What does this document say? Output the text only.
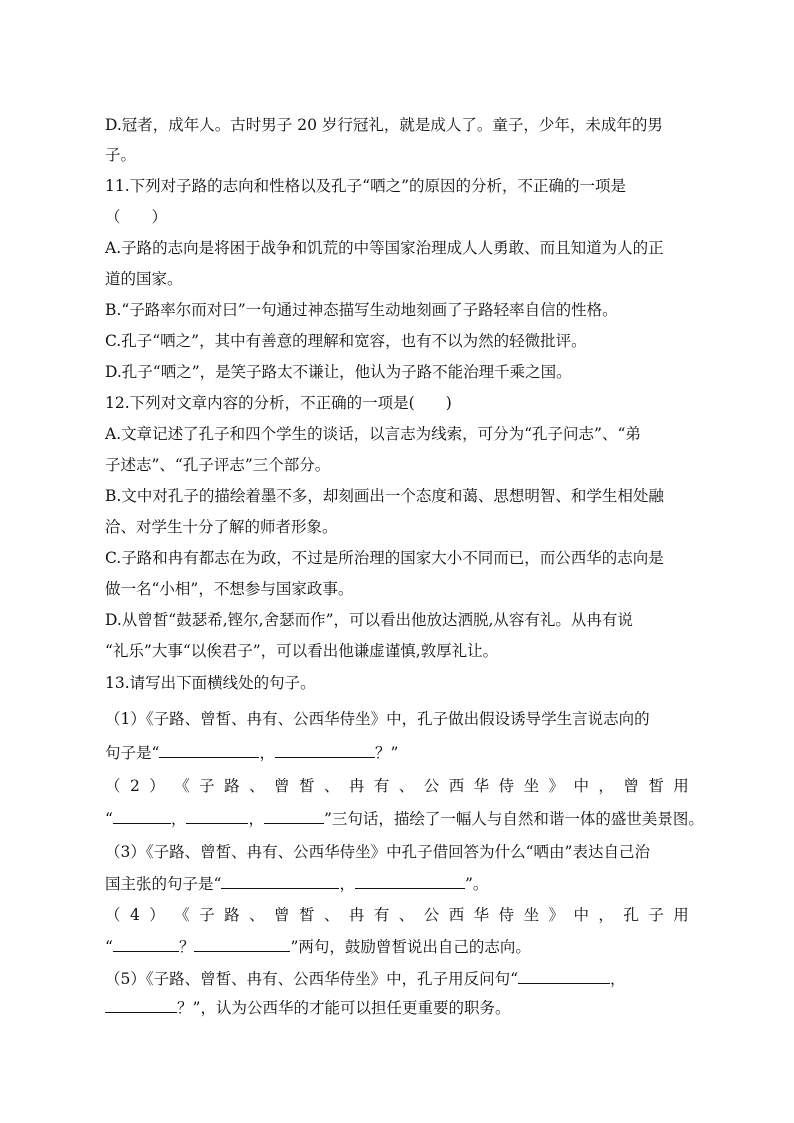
D.冠者，成年人。古时男子 20 岁行冠礼，就是成人了。童子，少年，未成年的男
子。
11.下列对子路的志向和性格以及孔子“哂之”的原因的分析，不正确的一项是
（　　）
A.子路的志向是将困于战争和饥荒的中等国家治理成人人勇敢、而且知道为人的正
道的国家。
B.“子路率尔而对曰”一句通过神态描写生动地刻画了子路轻率自信的性格。
C.孔子“哂之”，其中有善意的理解和宽容，也有不以为然的轻微批评。
D.孔子“哂之”，是笑子路太不谦让，他认为子路不能治理千乘之国。
12.下列对文章内容的分析，不正确的一项是(　　)
A.文章记述了孔子和四个学生的谈话，以言志为线索，可分为“孔子问志”、“弟
子述志”、“孔子评志”三个部分。
B.文中对孔子的描绘着墨不多，却刻画出一个态度和蔼、思想明智、和学生相处融
洽、对学生十分了解的师者形象。
C.子路和冉有都志在为政，不过是所治理的国家大小不同而已，而公西华的志向是
做一名“小相”，不想参与国家政事。
D.从曾皙“鼓瑟希,铿尔,舍瑟而作”，可以看出他放达洒脱,从容有礼。从冉有说
“礼乐”大事“以俟君子”，可以看出他谦虚谨慎,敦厚礼让。
13.请写出下面横线处的句子。
（1）《子路、曾皙、冉有、公西华侍坐》中，孔子做出假设诱导学生言说志向的
句子是“	，	？”
（ 2 ） 《 子 路 、 曾 皙 、 冉 有 、 公 西 华 侍 坐 》 中 ， 曾 皙 用
“	，	，	”三句话，描绘了一幅人与自然和谐一体的盛世美景图。
（3）《子路、曾皙、冉有、公西华侍坐》中孔子借回答为什么“哂由”表达自己治
国主张的句子是“	，	”。
（ 4 ） 《 子 路 、 曾 皙 、 冉 有 、 公 西 华 侍 坐 》 中 ， 孔 子 用
“	？	”两句，鼓励曾皙说出自己的志向。
（5）《子路、曾皙、冉有、公西华侍坐》中，孔子用反问句“	，
？”，认为公西华的才能可以担任更重要的职务。
